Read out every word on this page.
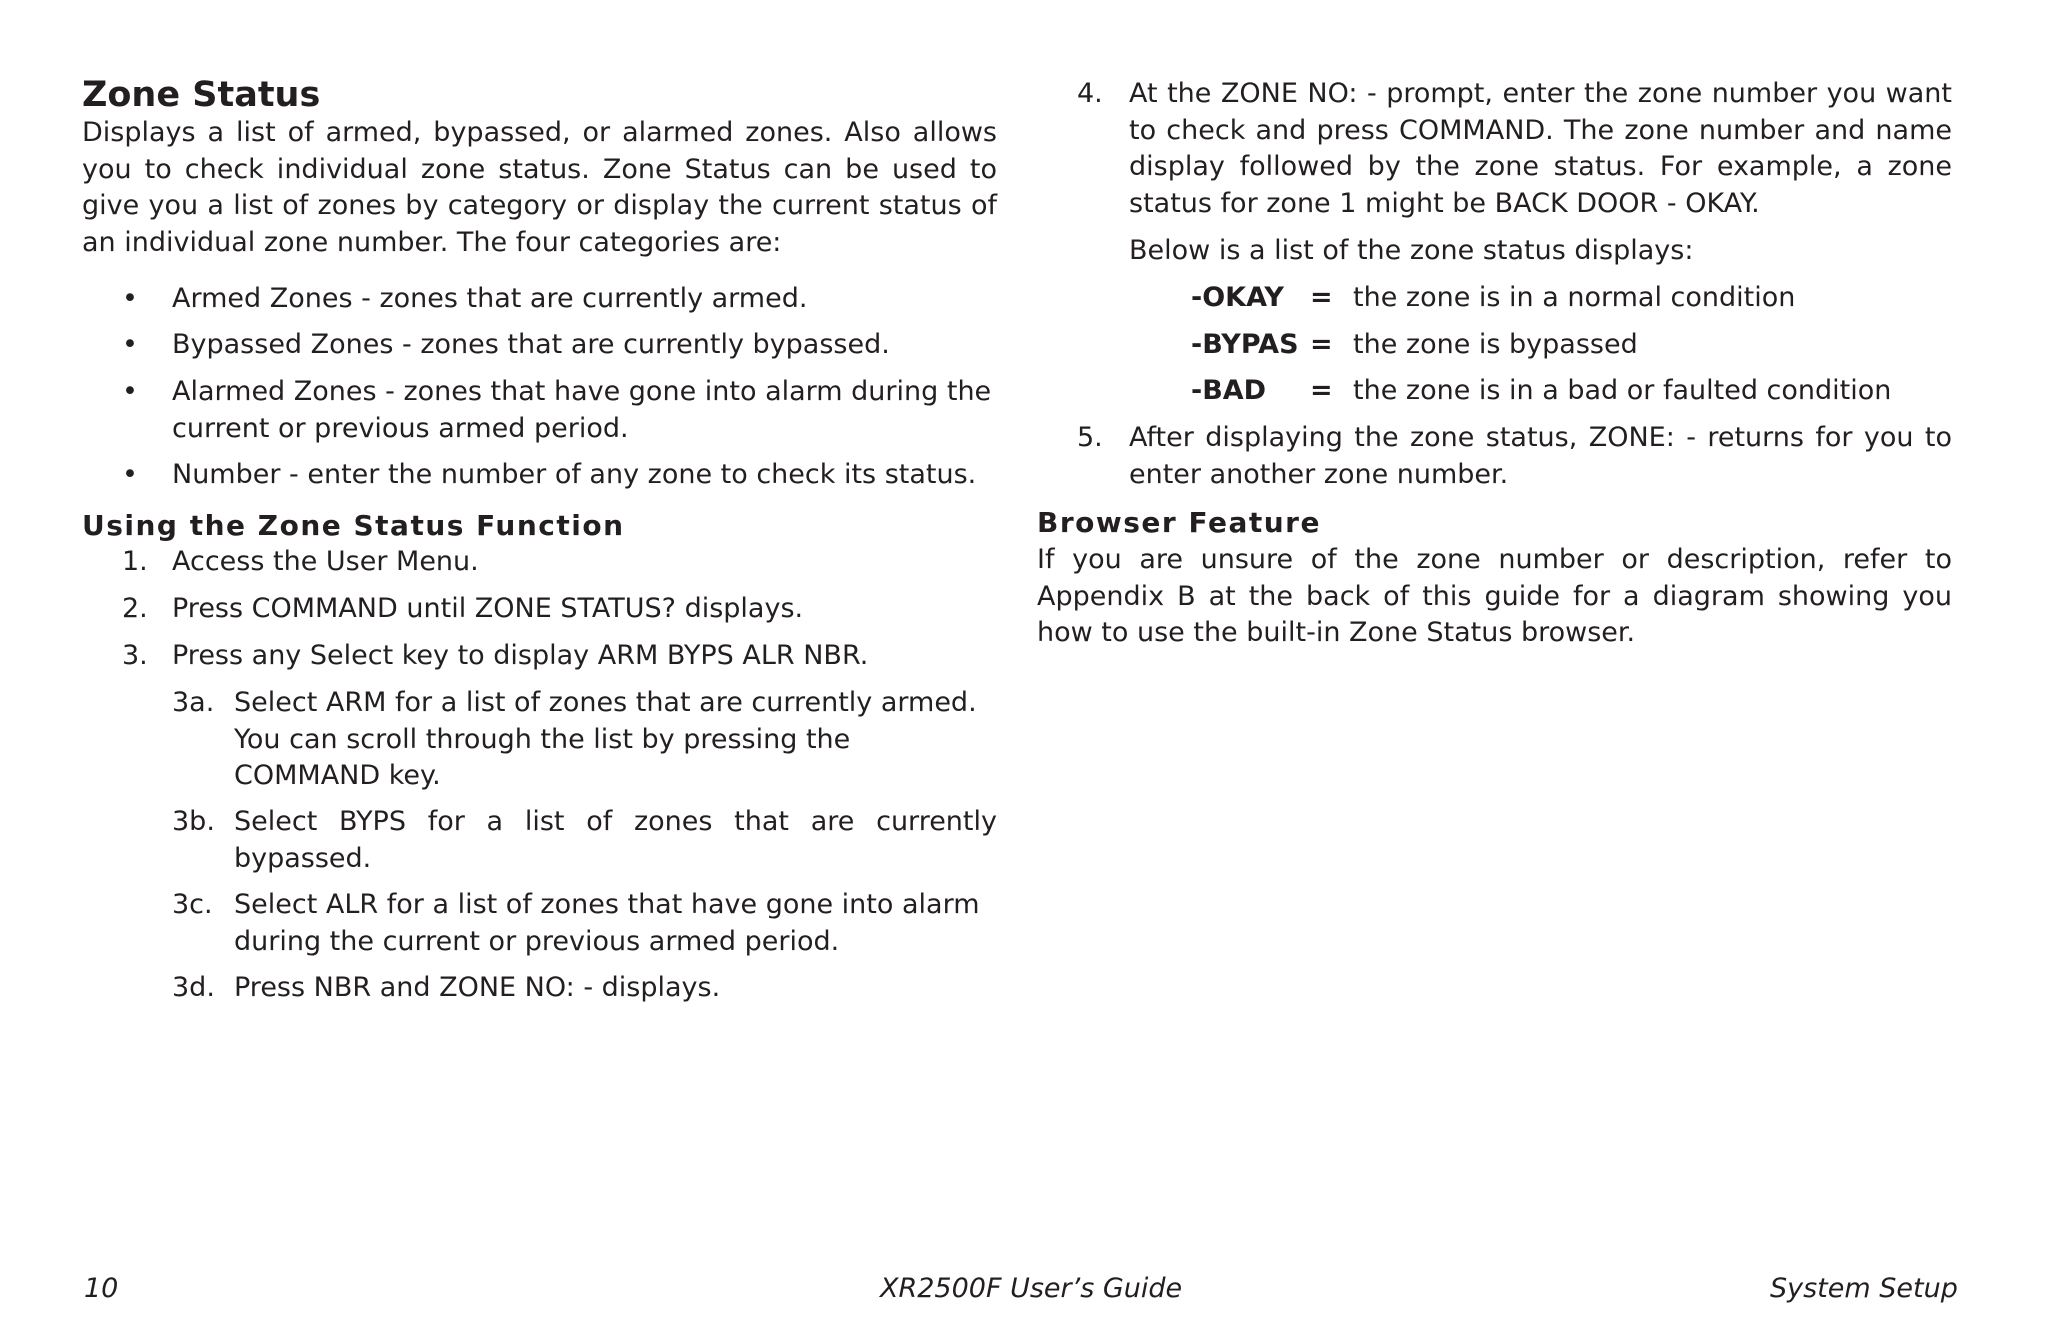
Zone Status

Displays a list of armed, bypassed, or alarmed zones. Also allows you to check individual zone status. Zone Status can be used to give you a list of zones by category or display the current status of an individual zone number. The four categories are:

• Armed Zones - zones that are currently armed.
• Bypassed Zones - zones that are currently bypassed.
• Alarmed Zones - zones that have gone into alarm during the current or previous armed period.

• Number - enter the number of any zone to check its status.
Using the Zone Status Function
1. Access the User Menu.
2. Press COMMAND until ZONE STATUS? displays.
3. Press any Select key to display ARM BYPS ALR NBR.
3a. Select ARM for a list of zones that are currently armed. You can scroll through the list by pressing the COMMAND key.

3b. Select BYPS for a list of zones that are currently bypassed.

3c. Select ALR for a list of zones that have gone into alarm during the current or previous armed period.

3d. Press NBR and ZONE NO: - displays.
4. At the ZONE NO: - prompt, enter the zone number you want to check and press COMMAND. The zone number and name display followed by the zone status. For example, a zone status for zone 1 might be BACK DOOR - OKAY.

Below is a list of the zone status displays:
-OKAY = the zone is in a normal condition
-BYPAS = the zone is bypassed
-BAD = the zone is in a bad or faulted condition
5. After displaying the zone status, ZONE: - returns for you to enter another zone number.

Browser Feature

If you are unsure of the zone number or description, refer to Appendix B at the back of this guide for a diagram showing you how to use the built-in Zone Status browser.

10	XR2500F User’s Guide	System Setup
